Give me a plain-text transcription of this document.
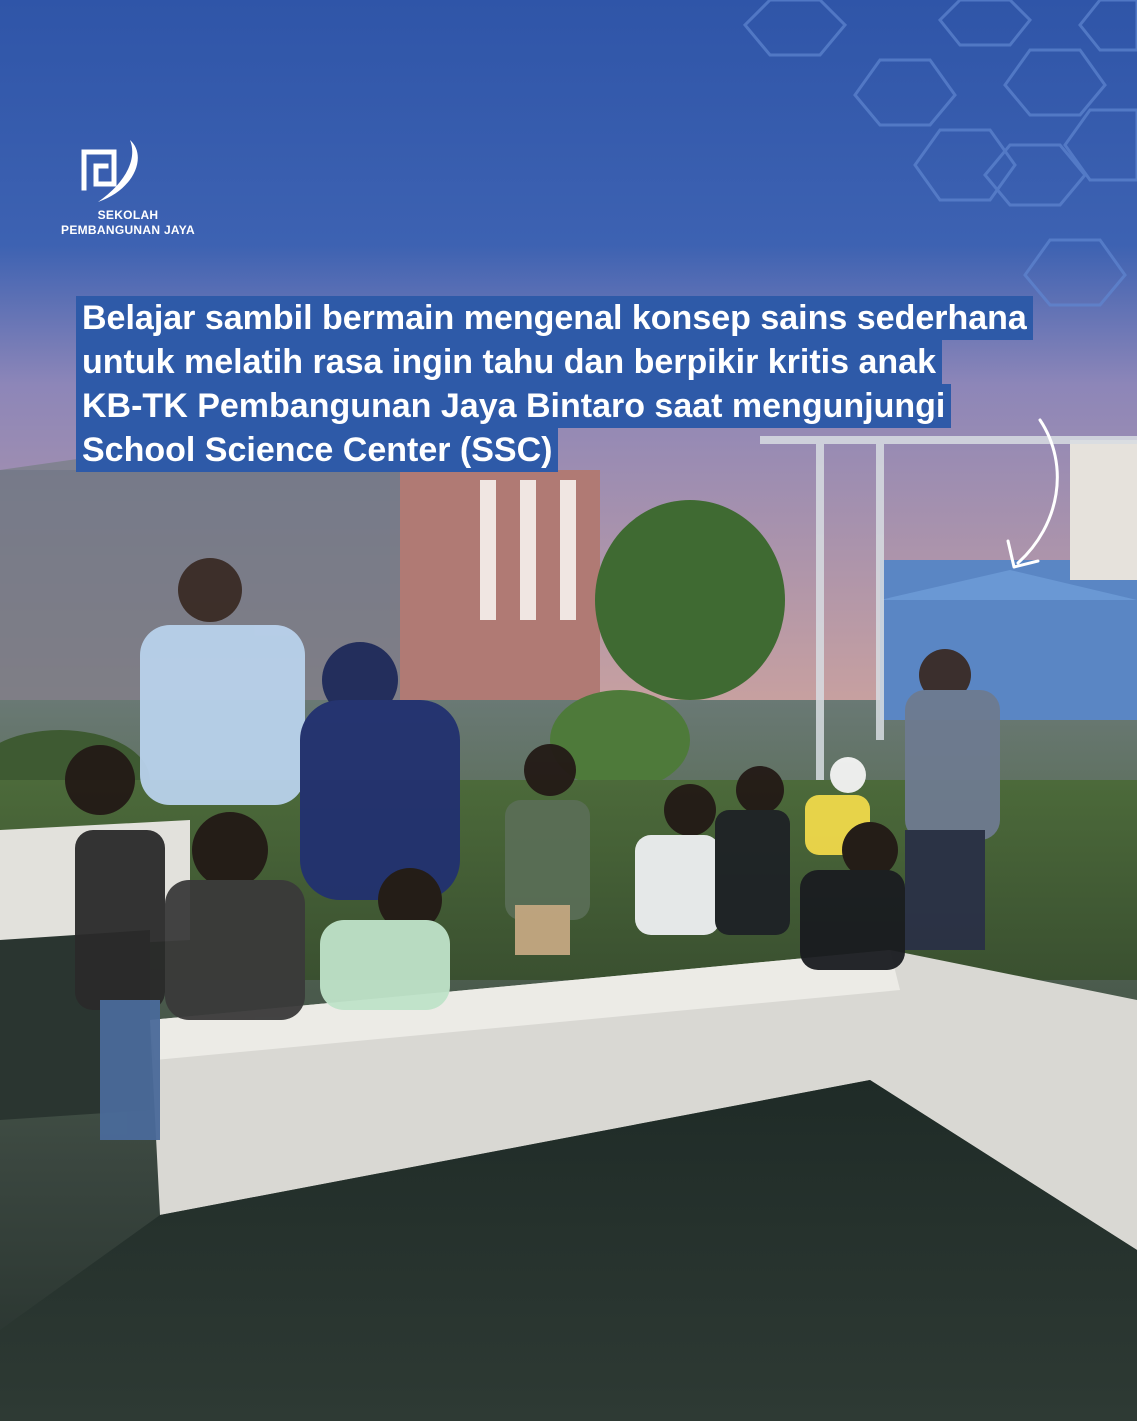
SEKOLAH
PEMBANGUNAN JAYA
Belajar sambil bermain mengenal konsep sains sederhana
untuk melatih rasa ingin tahu dan berpikir kritis anak
KB-TK Pembangunan Jaya Bintaro saat mengunjungi
School Science Center (SSC)
